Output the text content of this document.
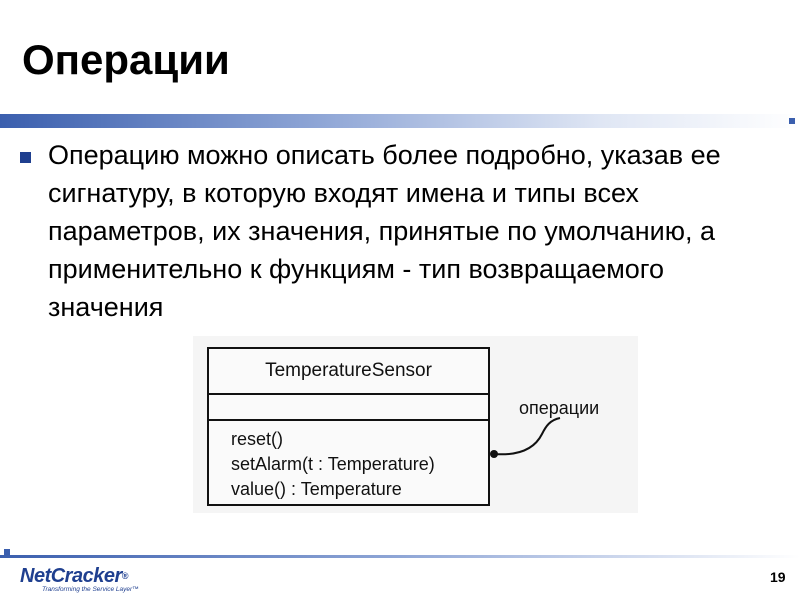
Операции

Операцию можно описать более подробно, указав ее сигнатуру, в которую входят имена и типы всех параметров, их значения, принятые по умолчанию, а применительно к функциям - тип возвращаемого значения

TemperatureSensor
reset()
setAlarm(t : Temperature)
value() : Temperature
операции
NetCracker®
Transforming the Service Layer™
19
